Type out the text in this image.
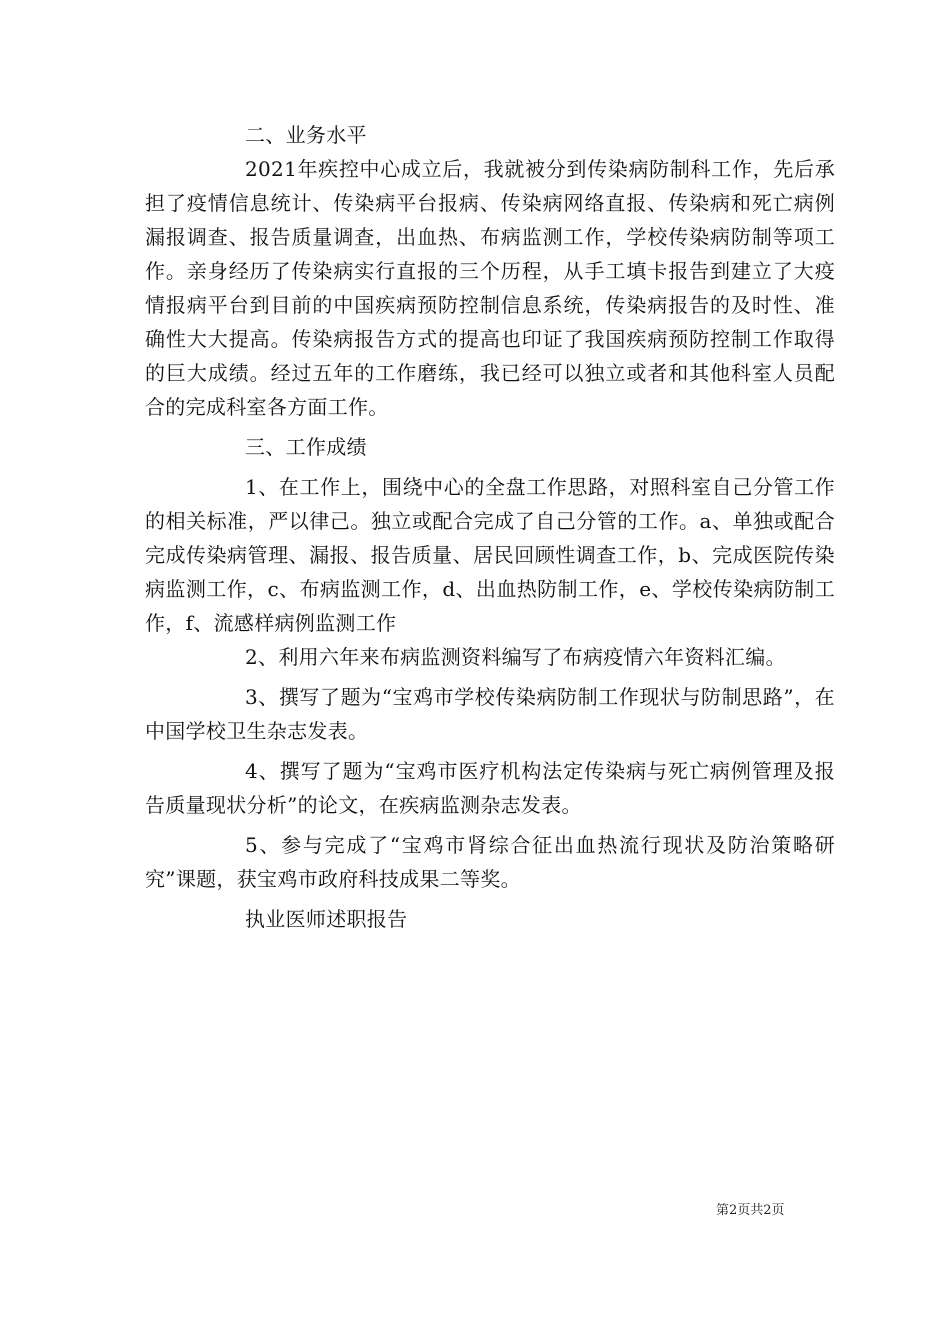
二、业务水平

2021年疾控中心成立后，我就被分到传染病防制科工作，先后承担了疫情信息统计、传染病平台报病、传染病网络直报、传染病和死亡病例漏报调查、报告质量调查，出血热、布病监测工作，学校传染病防制等项工作。亲身经历了传染病实行直报的三个历程，从手工填卡报告到建立了大疫情报病平台到目前的中国疾病预防控制信息系统，传染病报告的及时性、准确性大大提高。传染病报告方式的提高也印证了我国疾病预防控制工作取得的巨大成绩。经过五年的工作磨练，我已经可以独立或者和其他科室人员配合的完成科室各方面工作。

三、工作成绩

1、在工作上，围绕中心的全盘工作思路，对照科室自己分管工作的相关标准，严以律己。独立或配合完成了自己分管的工作。a、单独或配合完成传染病管理、漏报、报告质量、居民回顾性调查工作，b、完成医院传染病监测工作，c、布病监测工作，d、出血热防制工作，e、学校传染病防制工作，f、流感样病例监测工作

2、利用六年来布病监测资料编写了布病疫情六年资料汇编。

3、撰写了题为“宝鸡市学校传染病防制工作现状与防制思路”，在中国学校卫生杂志发表。

4、撰写了题为“宝鸡市医疗机构法定传染病与死亡病例管理及报告质量现状分析”的论文，在疾病监测杂志发表。

5、参与完成了“宝鸡市肾综合征出血热流行现状及防治策略研究”课题，获宝鸡市政府科技成果二等奖。

执业医师述职报告

第2页共2页
